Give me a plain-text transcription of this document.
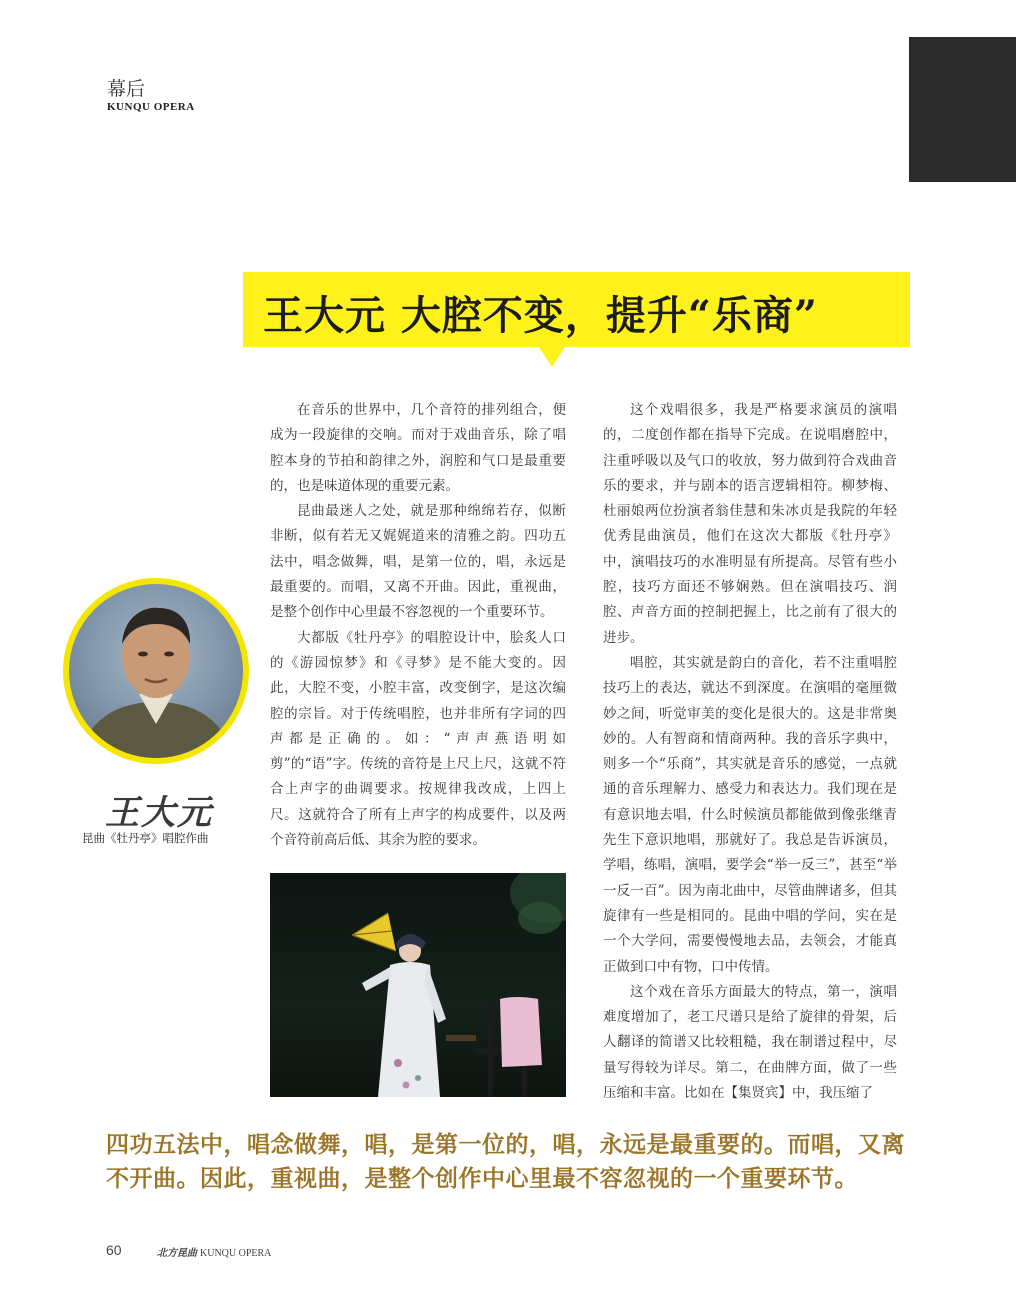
幕后
KUNQU OPERA
王大元 大腔不变，提升“乐商”

在音乐的世界中，几个音符的排列组合，便成为一段旋律的交响。而对于戏曲音乐，除了唱腔本身的节拍和韵律之外，润腔和气口是最重要的，也是味道体现的重要元素。

昆曲最迷人之处，就是那种绵绵若存，似断非断，似有若无又娓娓道来的清雅之韵。四功五法中，唱念做舞，唱，是第一位的，唱，永远是最重要的。而唱，又离不开曲。因此，重视曲，是整个创作中心里最不容忽视的一个重要环节。

大都版《牡丹亭》的唱腔设计中，脍炙人口的《游园惊梦》和《寻梦》是不能大变的。因此，大腔不变，小腔丰富，改变倒字，是这次编腔的宗旨。对于传统唱腔，也并非所有字词的四声都是正确的。如：“声声燕语明如剪”的“语”字。传统的音符是上尺上尺，这就不符合上声字的曲调要求。按规律我改成，上四上尺。这就符合了所有上声字的构成要件，以及两个音符前高后低、其余为腔的要求。

这个戏唱很多，我是严格要求演员的演唱的，二度创作都在指导下完成。在说唱磨腔中，注重呼吸以及气口的收放，努力做到符合戏曲音乐的要求，并与剧本的语言逻辑相符。柳梦梅、杜丽娘两位扮演者翁佳慧和朱冰贞是我院的年轻优秀昆曲演员，他们在这次大都版《牡丹亭》中，演唱技巧的水准明显有所提高。尽管有些小腔，技巧方面还不够娴熟。但在演唱技巧、润腔、声音方面的控制把握上，比之前有了很大的进步。

唱腔，其实就是韵白的音化，若不注重唱腔技巧上的表达，就达不到深度。在演唱的毫厘微妙之间，听觉审美的变化是很大的。这是非常奥妙的。人有智商和情商两种。我的音乐字典中，则多一个“乐商”，其实就是音乐的感觉，一点就通的音乐理解力、感受力和表达力。我们现在是有意识地去唱，什么时候演员都能做到像张继青先生下意识地唱，那就好了。我总是告诉演员，学唱，练唱，演唱，要学会“举一反三”，甚至“举一反一百”。因为南北曲中，尽管曲牌诸多，但其旋律有一些是相同的。昆曲中唱的学问，实在是一个大学问，需要慢慢地去品，去领会，才能真正做到口中有物，口中传情。

这个戏在音乐方面最大的特点，第一，演唱难度增加了，老工尺谱只是给了旋律的骨架，后人翻译的简谱又比较粗糙，我在制谱过程中，尽量写得较为详尽。第二，在曲牌方面，做了一些压缩和丰富。比如在【集贤宾】中，我压缩了

王大元
昆曲《牡丹亭》唱腔作曲
四功五法中，唱念做舞，唱，是第一位的，唱，永远是最重要的。而唱，又离不开曲。因此，重视曲，是整个创作中心里最不容忽视的一个重要环节。
60	北方昆曲 KUNQU OPERA
